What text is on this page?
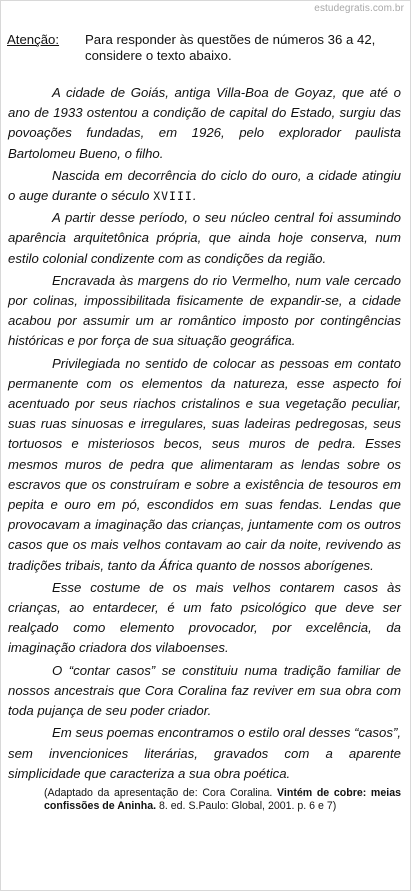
estudegratis.com.br
Atenção:	Para responder às questões de números 36 a 42, considere o texto abaixo.

A cidade de Goiás, antiga Villa-Boa de Goyaz, que até o ano de 1933 ostentou a condição de capital do Estado, surgiu das povoações fundadas, em 1926, pelo explorador paulista Bartolomeu Bueno, o filho.

Nascida em decorrência do ciclo do ouro, a cidade atingiu o auge durante o século XVIII.

A partir desse período, o seu núcleo central foi assumindo aparência arquitetônica própria, que ainda hoje conserva, num estilo colonial condizente com as condições da região.

Encravada às margens do rio Vermelho, num vale cercado por colinas, impossibilitada fisicamente de expandir-se, a cidade acabou por assumir um ar romântico imposto por contingências históricas e por força de sua situação geográfica.

Privilegiada no sentido de colocar as pessoas em contato permanente com os elementos da natureza, esse aspecto foi acentuado por seus riachos cristalinos e sua vegetação peculiar, suas ruas sinuosas e irregulares, suas ladeiras pedregosas, seus tortuosos e misteriosos becos, seus muros de pedra. Esses mesmos muros de pedra que alimentaram as lendas sobre os escravos que os construíram e sobre a existência de tesouros em pepita e ouro em pó, escondidos em suas fendas. Lendas que provocavam a imaginação das crianças, juntamente com os outros casos que os mais velhos contavam ao cair da noite, revivendo as tradições tribais, tanto da África quanto de nossos aborígenes.

Esse costume de os mais velhos contarem casos às crianças, ao entardecer, é um fato psicológico que deve ser realçado como elemento provocador, por excelência, da imaginação criadora dos vilaboenses.

O “contar casos” se constituiu numa tradição familiar de nossos ancestrais que Cora Coralina faz reviver em sua obra com toda pujança de seu poder criador.

Em seus poemas encontramos o estilo oral desses “casos”, sem invencionices literárias, gravados com a aparente simplicidade que caracteriza a sua obra poética.

(Adaptado da apresentação de: Cora Coralina. Vintém de cobre: meias confissões de Aninha. 8. ed. S.Paulo: Global, 2001. p. 6 e 7)
